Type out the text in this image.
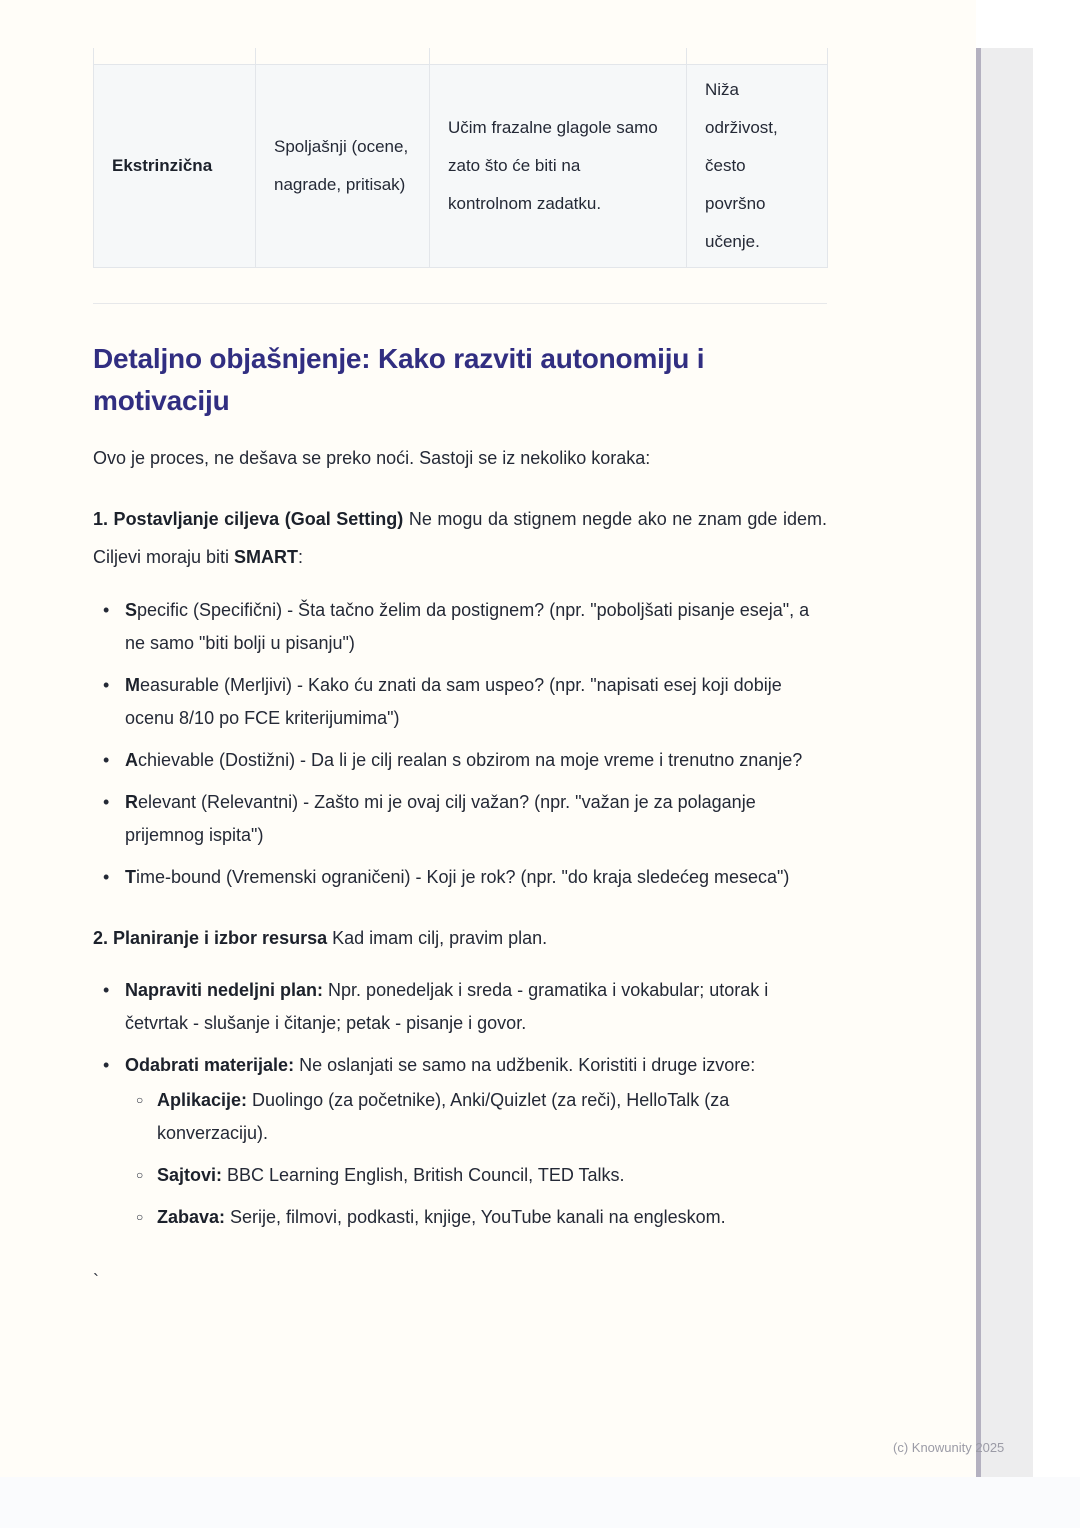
Ekstrinzična	Spoljašnji (ocene, nagrade, pritisak)	Učim frazalne glagole samo zato što će biti na kontrolnom zadatku.	Niža održivost, često površno učenje.
Detaljno objašnjenje: Kako razviti autonomiju i motivaciju

Ovo je proces, ne dešava se preko noći. Sastoji se iz nekoliko koraka:

1. Postavljanje ciljeva (Goal Setting) Ne mogu da stignem negde ako ne znam gde idem. Ciljevi moraju biti SMART:

• Specific (Specifični) - Šta tačno želim da postignem? (npr. "poboljšati pisanje eseja", a ne samo "biti bolji u pisanju")
• Measurable (Merljivi) - Kako ću znati da sam uspeo? (npr. "napisati esej koji dobije ocenu 8/10 po FCE kriterijumima")
• Achievable (Dostižni) - Da li je cilj realan s obzirom na moje vreme i trenutno znanje?
• Relevant (Relevantni) - Zašto mi je ovaj cilj važan? (npr. "važan je za polaganje prijemnog ispita")
• Time-bound (Vremenski ograničeni) - Koji je rok? (npr. "do kraja sledećeg meseca")

2. Planiranje i izbor resursa Kad imam cilj, pravim plan.

• Napraviti nedeljni plan: Npr. ponedeljak i sreda - gramatika i vokabular; utorak i četvrtak - slušanje i čitanje; petak - pisanje i govor.
• Odabrati materijale: Ne oslanjati se samo na udžbenik. Koristiti i druge izvore:
○ Aplikacije: Duolingo (za početnike), Anki/Quizlet (za reči), HelloTalk (za konverzaciju).
○ Sajtovi: BBC Learning English, British Council, TED Talks.
○ Zabava: Serije, filmovi, podkasti, knjige, YouTube kanali na engleskom.

`

(c) Knowunity 2025
